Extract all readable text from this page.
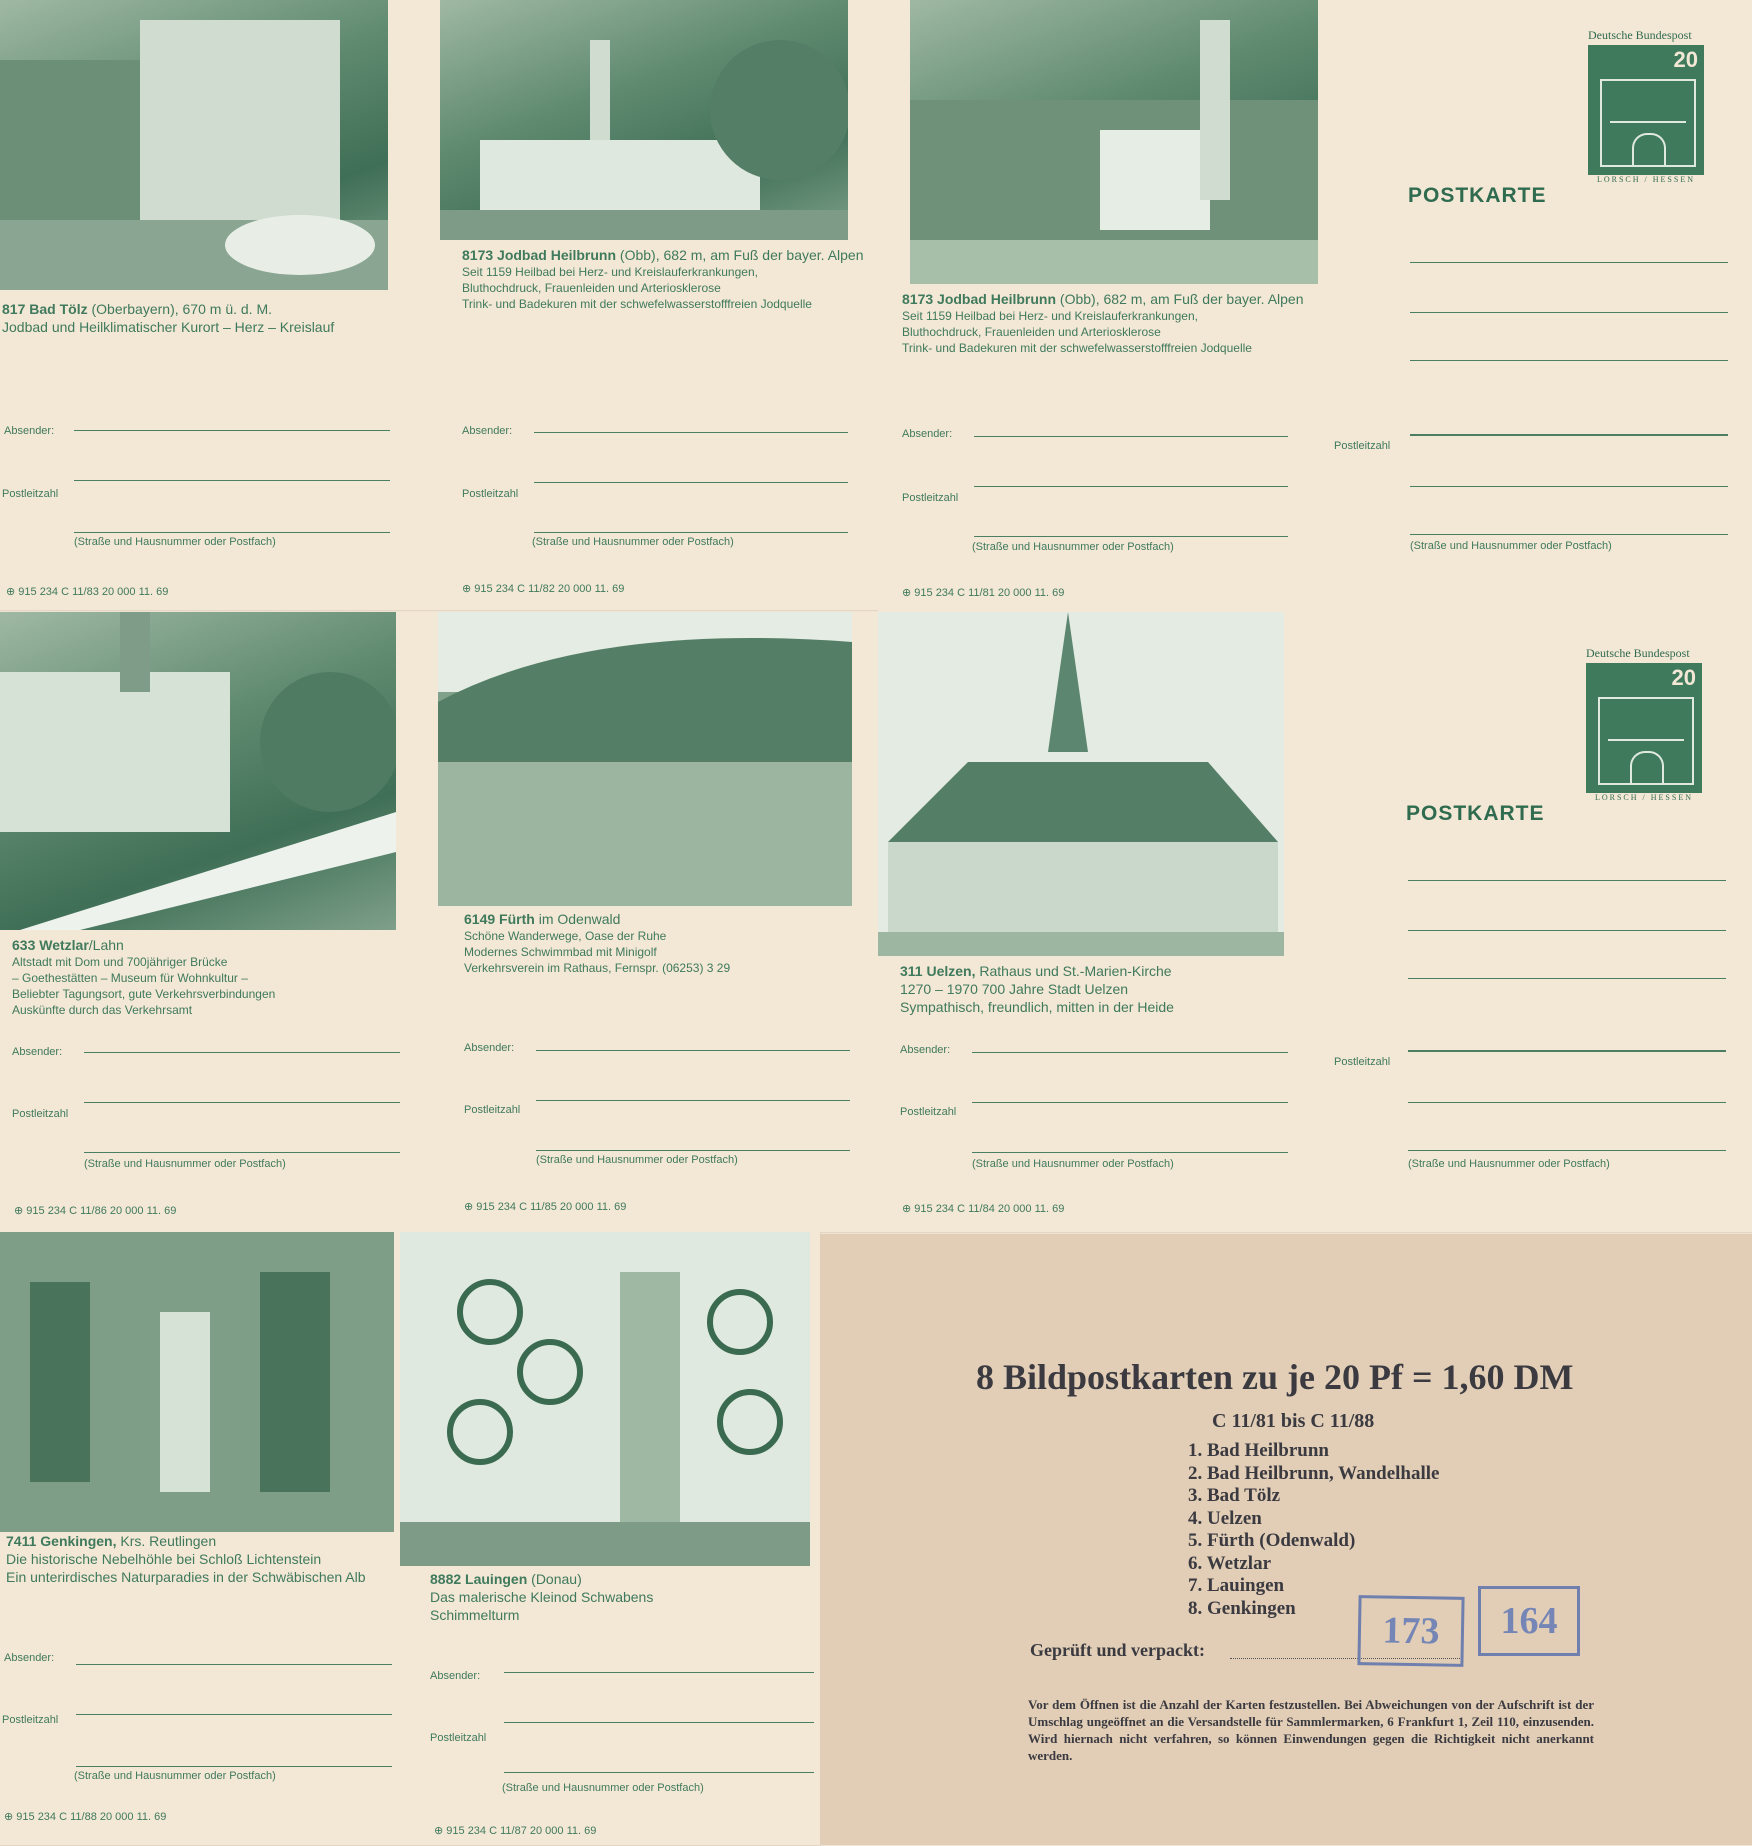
817 Bad Tölz (Oberbayern), 670 m ü. d. M.
Jodbad und Heilklimatischer Kurort – Herz – Kreislauf
Absender:
Postleitzahl
(Straße und Hausnummer oder Postfach)
⊕ 915 234 C 11/83 20 000 11. 69
8173 Jodbad Heilbrunn (Obb), 682 m, am Fuß der bayer. Alpen
Seit 1159 Heilbad bei Herz- und Kreislauferkrankungen,
Bluthochdruck, Frauenleiden und Arteriosklerose
Trink- und Badekuren mit der schwefelwasserstofffreien Jodquelle
Absender:
Postleitzahl
(Straße und Hausnummer oder Postfach)
⊕ 915 234 C 11/82 20 000 11. 69
8173 Jodbad Heilbrunn (Obb), 682 m, am Fuß der bayer. Alpen
Seit 1159 Heilbad bei Herz- und Kreislauferkrankungen,
Bluthochdruck, Frauenleiden und Arteriosklerose
Trink- und Badekuren mit der schwefelwasserstofffreien Jodquelle
Absender:
Postleitzahl
(Straße und Hausnummer oder Postfach)
⊕ 915 234 C 11/81 20 000 11. 69
Deutsche Bundespost
20
LORSCH / HESSEN
POSTKARTE
Postleitzahl
(Straße und Hausnummer oder Postfach)
633 Wetzlar/Lahn
Altstadt mit Dom und 700jähriger Brücke
– Goethestätten – Museum für Wohnkultur –
Beliebter Tagungsort, gute Verkehrsverbindungen
Auskünfte durch das Verkehrsamt
Absender:
Postleitzahl
(Straße und Hausnummer oder Postfach)
⊕ 915 234 C 11/86 20 000 11. 69
6149 Fürth im Odenwald
Schöne Wanderwege, Oase der Ruhe
Modernes Schwimmbad mit Minigolf
Verkehrsverein im Rathaus, Fernspr. (06253) 3 29
Absender:
Postleitzahl
(Straße und Hausnummer oder Postfach)
⊕ 915 234 C 11/85 20 000 11. 69
311 Uelzen, Rathaus und St.-Marien-Kirche
1270 – 1970 700 Jahre Stadt Uelzen
Sympathisch, freundlich, mitten in der Heide
Absender:
Postleitzahl
(Straße und Hausnummer oder Postfach)
⊕ 915 234 C 11/84 20 000 11. 69
Deutsche Bundespost
20
LORSCH / HESSEN
POSTKARTE
Postleitzahl
(Straße und Hausnummer oder Postfach)
7411 Genkingen, Krs. Reutlingen
Die historische Nebelhöhle bei Schloß Lichtenstein
Ein unterirdisches Naturparadies in der Schwäbischen Alb
Absender:
Postleitzahl
(Straße und Hausnummer oder Postfach)
⊕ 915 234 C 11/88 20 000 11. 69
8882 Lauingen (Donau)
Das malerische Kleinod Schwabens
Schimmelturm
Absender:
Postleitzahl
(Straße und Hausnummer oder Postfach)
⊕ 915 234 C 11/87 20 000 11. 69
8 Bildpostkarten zu je 20 Pf = 1,60 DM
C 11/81 bis C 11/88
1. Bad Heilbrunn
2. Bad Heilbrunn, Wandelhalle
3. Bad Tölz
4. Uelzen
5. Fürth (Odenwald)
6. Wetzlar
7. Lauingen
8. Genkingen
Geprüft und verpackt:	173	164
Vor dem Öffnen ist die Anzahl der Karten festzustellen. Bei Abweichungen von der Aufschrift ist der Umschlag ungeöffnet an die Versandstelle für Sammlermarken, 6 Frankfurt 1, Zeil 110, einzusenden. Wird hiernach nicht verfahren, so können Einwendungen gegen die Richtigkeit nicht anerkannt werden.
